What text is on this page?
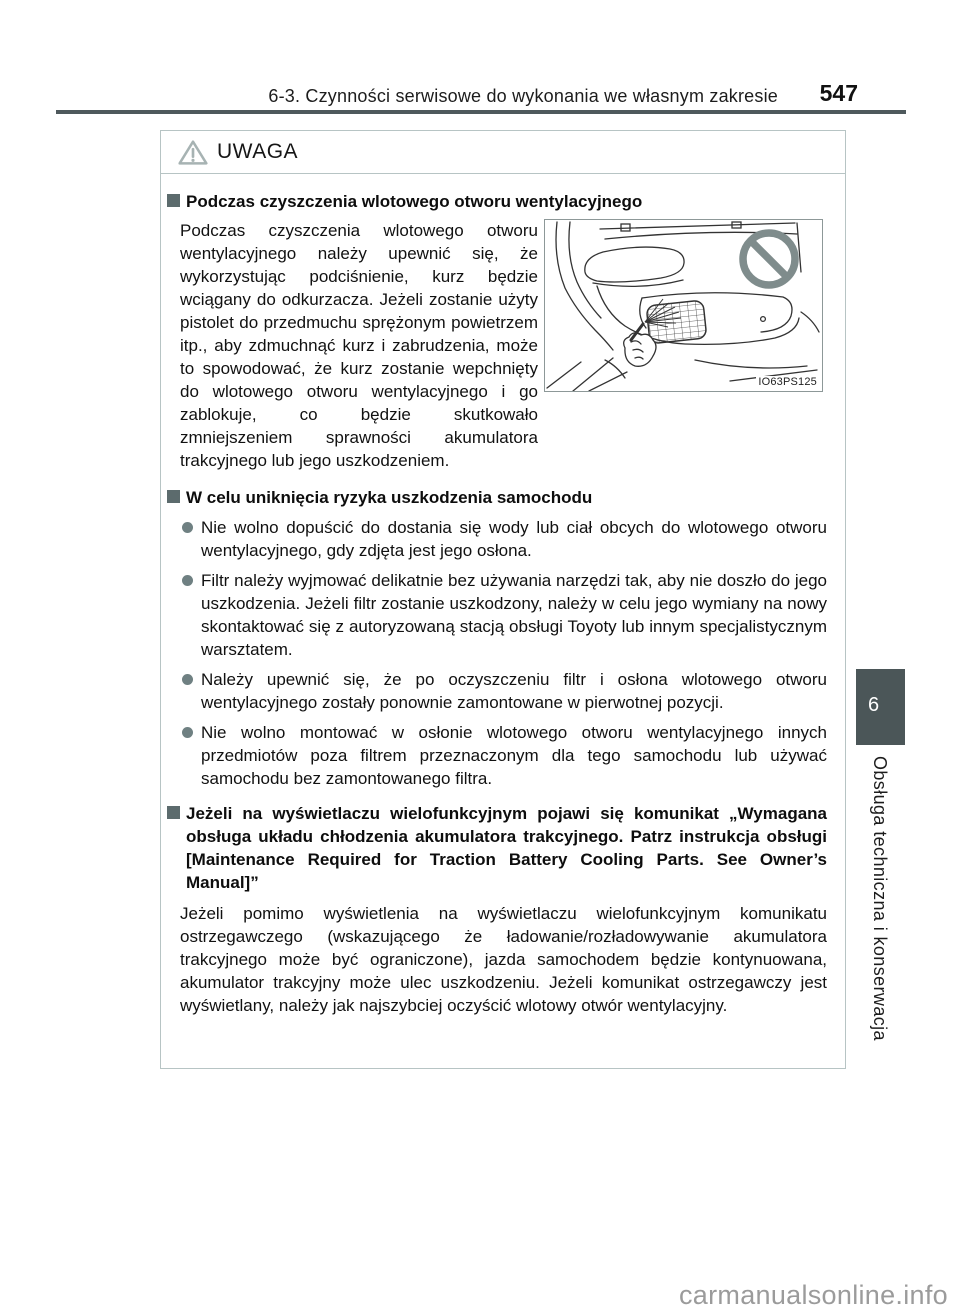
6-3. Czynności serwisowe do wykonania we własnym zakresie 547
UWAGA
Podczas czyszczenia wlotowego otworu wentylacyjnego

Podczas czyszczenia wlotowego otworu wentylacyjnego należy upewnić się, że wykorzystując podciśnienie, kurz będzie wciągany do odkurzacza. Jeżeli zostanie użyty pistolet do przedmuchu sprężonym powietrzem itp., aby zdmuchnąć kurz i zabrudzenia, może to spowodować, że kurz zostanie wepchnięty do wlotowego otworu wentylacyjnego i go zablokuje, co będzie skutkowało zmniejszeniem sprawności akumulatora trakcyjnego lub jego uszkodzeniem.

IO63PS125
W celu uniknięcia ryzyka uszkodzenia samochodu
Nie wolno dopuścić do dostania się wody lub ciał obcych do wlotowego otworu wentylacyjnego, gdy zdjęta jest jego osłona.
Filtr należy wyjmować delikatnie bez używania narzędzi tak, aby nie doszło do jego uszkodzenia. Jeżeli filtr zostanie uszkodzony, należy w celu jego wymiany na nowy skontaktować się z autoryzowaną stacją obsługi Toyoty lub innym specjalistycznym warsztatem.
Należy upewnić się, że po oczyszczeniu filtr i osłona wlotowego otworu wentylacyjnego zostały ponownie zamontowane w pierwotnej pozycji.
Nie wolno montować w osłonie wlotowego otworu wentylacyjnego innych przedmiotów poza filtrem przeznaczonym dla tego samochodu lub używać samochodu bez zamontowanego filtra.
Jeżeli na wyświetlaczu wielofunkcyjnym pojawi się komunikat „Wymagana obsługa układu chłodzenia akumulatora trakcyjnego. Patrz instrukcja obsługi [Maintenance Required for Traction Battery Cooling Parts. See Owner’s Manual]”

Jeżeli pomimo wyświetlenia na wyświetlaczu wielofunkcyjnym komunikatu ostrzegawczego (wskazującego że ładowanie/rozładowywanie akumulatora trakcyjnego może być ograniczone), jazda samochodem będzie kontynuowana, akumulator trakcyjny może ulec uszkodzeniu. Jeżeli komunikat ostrzegawczy jest wyświetlany, należy jak najszybciej oczyścić wlotowy otwór wentylacyjny.

6
Obsługa techniczna i konserwacja
carmanualsonline.info
